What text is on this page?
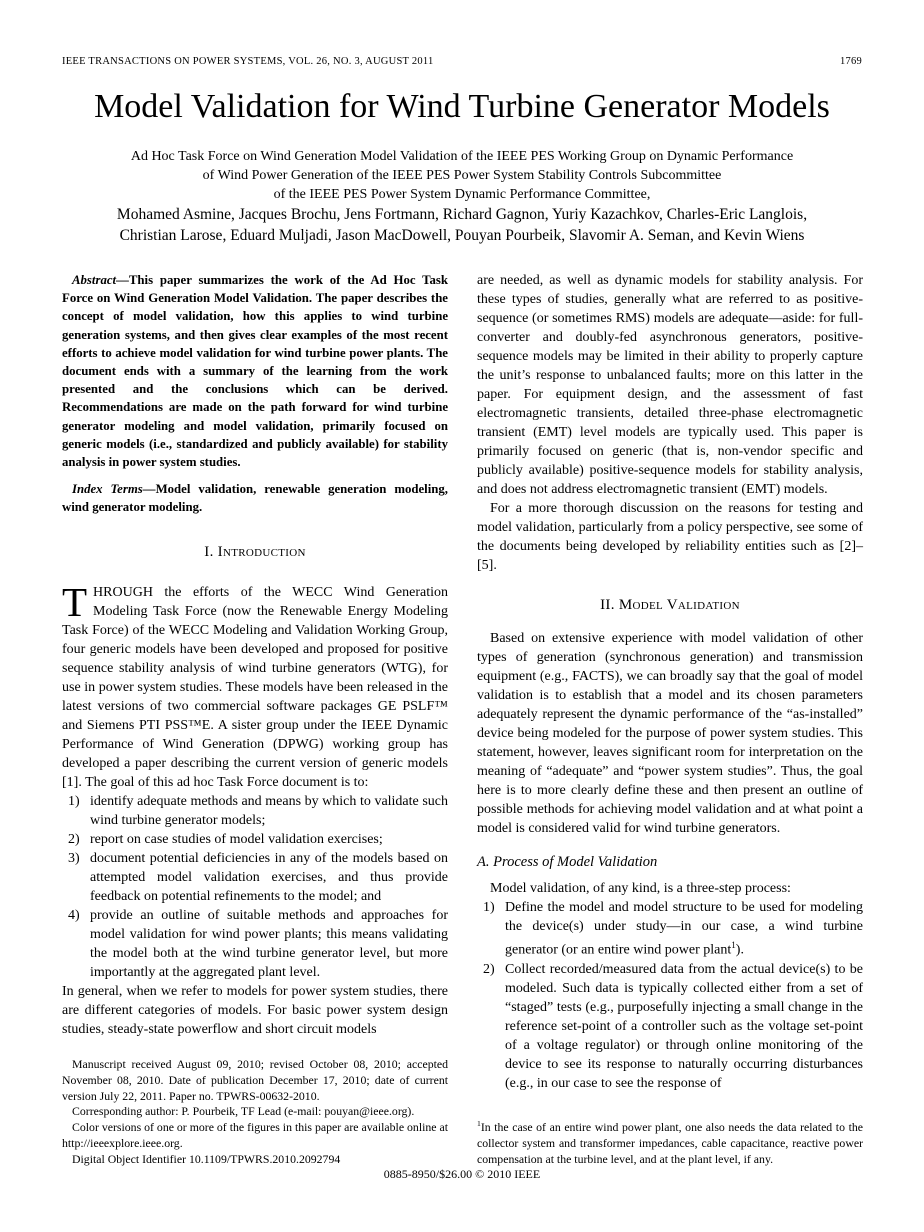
IEEE TRANSACTIONS ON POWER SYSTEMS, VOL. 26, NO. 3, AUGUST 2011	1769
Model Validation for Wind Turbine Generator Models
Ad Hoc Task Force on Wind Generation Model Validation of the IEEE PES Working Group on Dynamic Performance
of Wind Power Generation of the IEEE PES Power System Stability Controls Subcommittee
of the IEEE PES Power System Dynamic Performance Committee,
Mohamed Asmine, Jacques Brochu, Jens Fortmann, Richard Gagnon, Yuriy Kazachkov, Charles-Eric Langlois,
Christian Larose, Eduard Muljadi, Jason MacDowell, Pouyan Pourbeik, Slavomir A. Seman, and Kevin Wiens

Abstract—This paper summarizes the work of the Ad Hoc Task Force on Wind Generation Model Validation. The paper describes the concept of model validation, how this applies to wind turbine generation systems, and then gives clear examples of the most recent efforts to achieve model validation for wind turbine power plants. The document ends with a summary of the learning from the work presented and the conclusions which can be derived. Recommendations are made on the path forward for wind turbine generator modeling and model validation, primarily focused on generic models (i.e., standardized and publicly available) for stability analysis in power system studies.

Index Terms—Model validation, renewable generation modeling, wind generator modeling.

I. Introduction

THROUGH the efforts of the WECC Wind Generation Modeling Task Force (now the Renewable Energy Modeling Task Force) of the WECC Modeling and Validation Working Group, four generic models have been developed and proposed for positive sequence stability analysis of wind turbine generators (WTG), for use in power system studies. These models have been released in the latest versions of two commercial software packages GE PSLF™ and Siemens PTI PSS™E. A sister group under the IEEE Dynamic Performance of Wind Generation (DPWG) working group has developed a paper describing the current version of generic models [1]. The goal of this ad hoc Task Force document is to:

1) identify adequate methods and means by which to validate such wind turbine generator models;
2) report on case studies of model validation exercises;
3) document potential deficiencies in any of the models based on attempted model validation exercises, and thus provide feedback on potential refinements to the model; and
4) provide an outline of suitable methods and approaches for model validation for wind power plants; this means validating the model both at the wind turbine generator level, but more importantly at the aggregated plant level.

In general, when we refer to models for power system studies, there are different categories of models. For basic power system design studies, steady-state powerflow and short circuit models

are needed, as well as dynamic models for stability analysis. For these types of studies, generally what are referred to as positive-sequence (or sometimes RMS) models are adequate—aside: for full-converter and doubly-fed asynchronous generators, positive-sequence models may be limited in their ability to properly capture the unit’s response to unbalanced faults; more on this latter in the paper. For equipment design, and the assessment of fast electromagnetic transients, detailed three-phase electromagnetic transient (EMT) level models are typically used. This paper is primarily focused on generic (that is, non-vendor specific and publicly available) positive-sequence models for stability analysis, and does not address electromagnetic transient (EMT) models.

For a more thorough discussion on the reasons for testing and model validation, particularly from a policy perspective, see some of the documents being developed by reliability entities such as [2]–[5].

II. Model Validation

Based on extensive experience with model validation of other types of generation (synchronous generation) and transmission equipment (e.g., FACTS), we can broadly say that the goal of model validation is to establish that a model and its chosen parameters adequately represent the dynamic performance of the “as-installed” device being modeled for the purpose of power system studies. This statement, however, leaves significant room for interpretation on the meaning of “adequate” and “power system studies”. Thus, the goal here is to more clearly define these and then present an outline of possible methods for achieving model validation and at what point a model is considered valid for wind turbine generators.

A. Process of Model Validation

Model validation, of any kind, is a three-step process:

1) Define the model and model structure to be used for modeling the device(s) under study—in our case, a wind turbine generator (or an entire wind power plant$^1$).
2) Collect recorded/measured data from the actual device(s) to be modeled. Such data is typically collected either from a set of “staged” tests (e.g., purposefully injecting a small change in the reference set-point of a controller such as the voltage set-point of a voltage regulator) or through online monitoring of the device to see its response to naturally occurring disturbances (e.g., in our case to see the response of

Manuscript received August 09, 2010; revised October 08, 2010; accepted November 08, 2010. Date of publication December 17, 2010; date of current version July 22, 2011. Paper no. TPWRS-00632-2010.

Corresponding author: P. Pourbeik, TF Lead (e-mail: pouyan@ieee.org).

Color versions of one or more of the figures in this paper are available online at http://ieeexplore.ieee.org.

Digital Object Identifier 10.1109/TPWRS.2010.2092794

$^1$In the case of an entire wind power plant, one also needs the data related to the collector system and transformer impedances, cable capacitance, reactive power compensation at the turbine level, and at the plant level, if any.
0885-8950/$26.00 © 2010 IEEE
